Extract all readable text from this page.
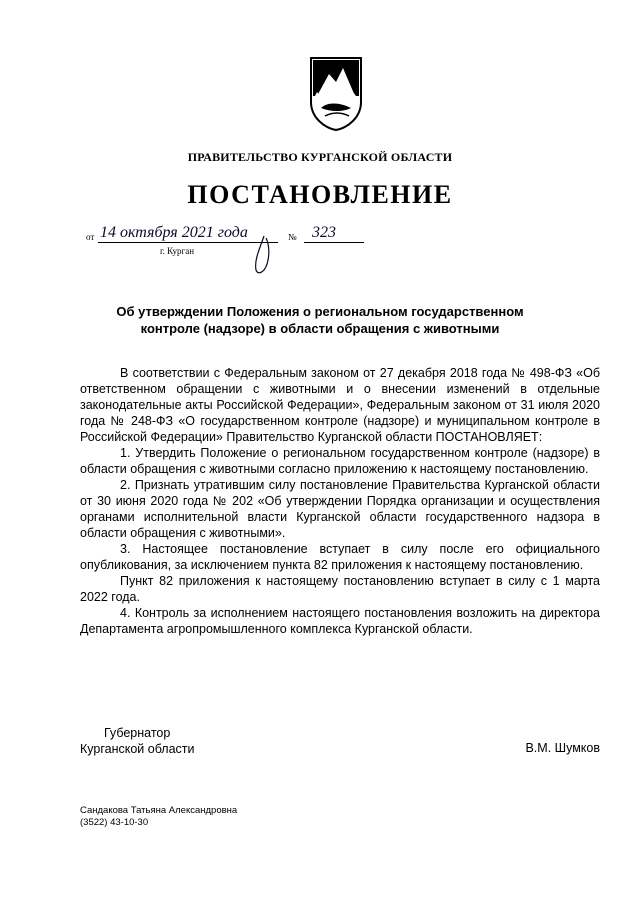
ПРАВИТЕЛЬСТВО КУРГАНСКОЙ ОБЛАСТИ
ПОСТАНОВЛЕНИЕ
от 14 октября 2021 года	№ 323
г. Курган
Об утверждении Положения о региональном государственном
контроле (надзоре) в области обращения с животными

В соответствии с Федеральным законом от 27 декабря 2018 года № 498-ФЗ «Об ответственном обращении с животными и о внесении изменений в отдельные законодательные акты Российской Федерации», Федеральным законом от 31 июля 2020 года № 248-ФЗ «О государственном контроле (надзоре) и муниципальном контроле в Российской Федерации» Правительство Курганской области ПОСТАНОВЛЯЕТ:

1. Утвердить Положение о региональном государственном контроле (надзоре) в области обращения с животными согласно приложению к настоящему постановлению.

2. Признать утратившим силу постановление Правительства Курганской области от 30 июня 2020 года № 202 «Об утверждении Порядка организации и осуществления органами исполнительной власти Курганской области государственного надзора в области обращения с животными».

3. Настоящее постановление вступает в силу после его официального опубликования, за исключением пункта 82 приложения к настоящему постановлению.

Пункт 82 приложения к настоящему постановлению вступает в силу с 1 марта 2022 года.

4. Контроль за исполнением настоящего постановления возложить на директора Департамента агропромышленного комплекса Курганской области.

Губернатор
Курганской области	В.М. Шумков
Сандакова Татьяна Александровна
(3522) 43-10-30
